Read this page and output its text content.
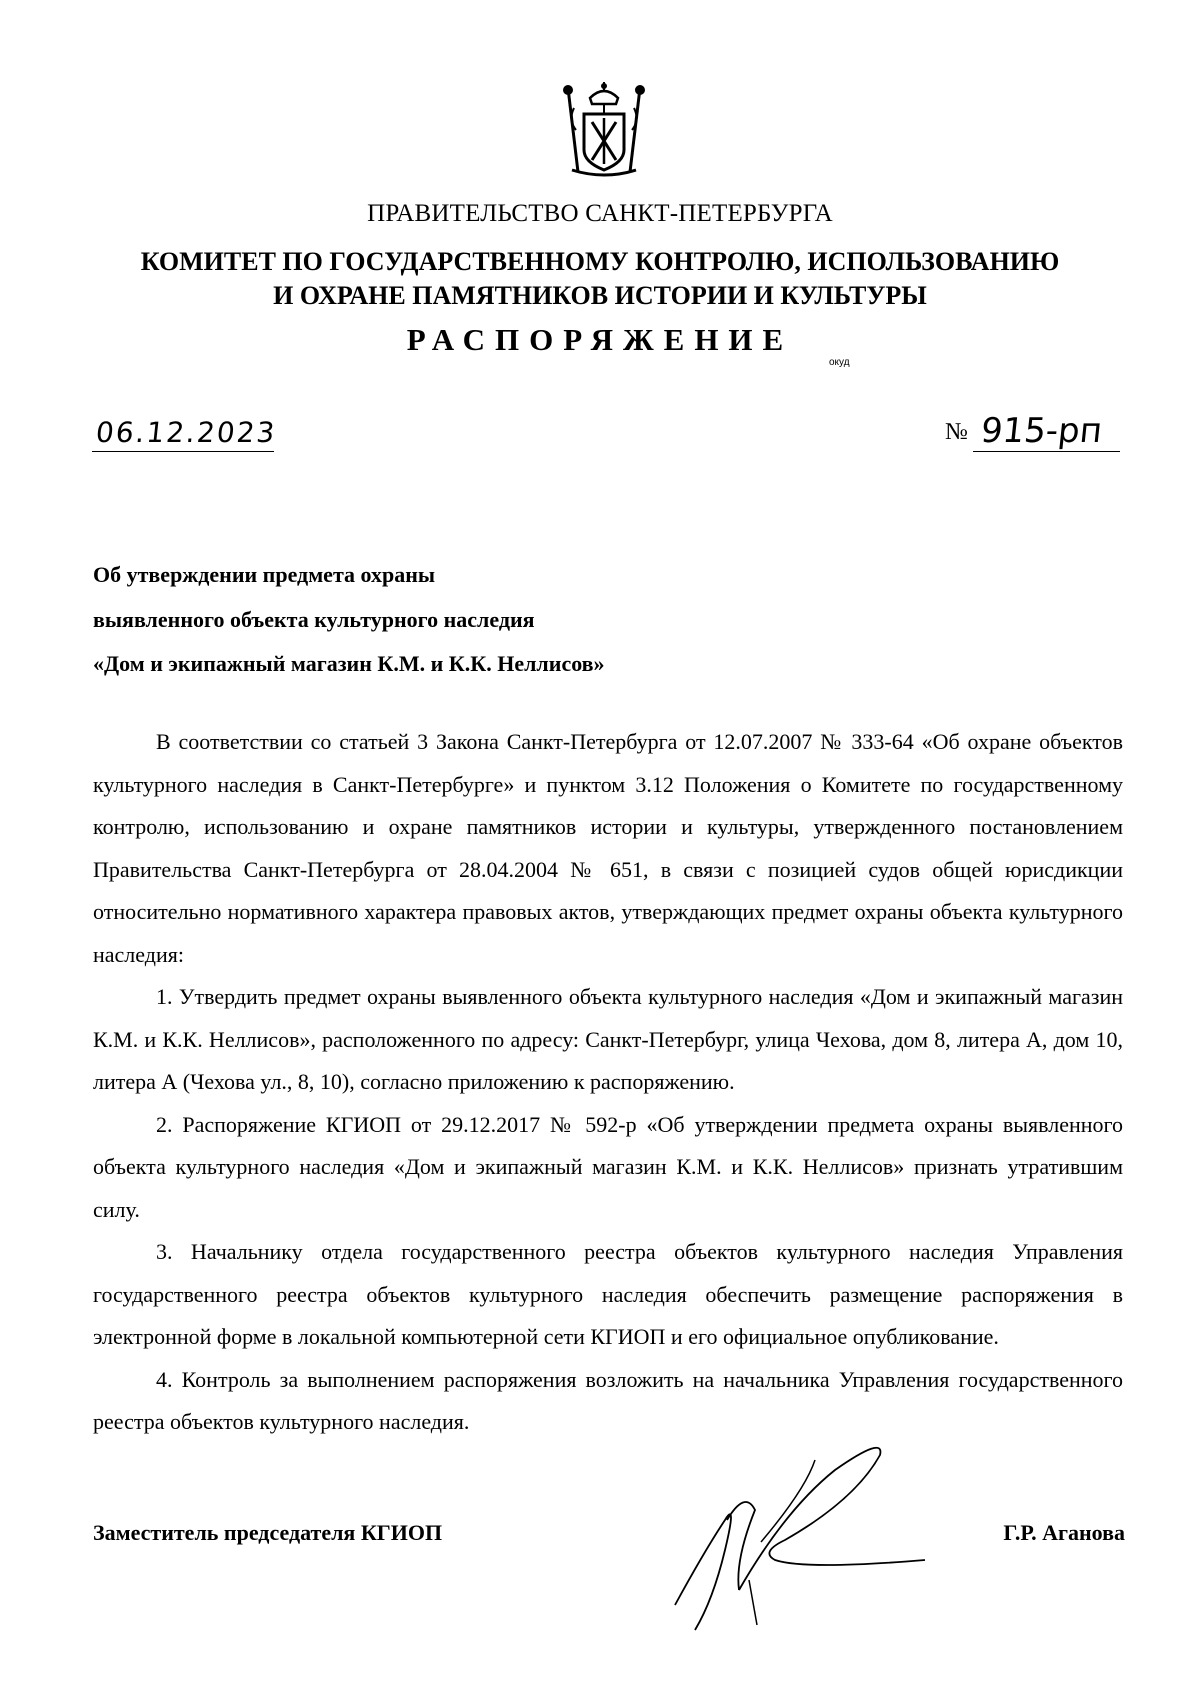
ПРАВИТЕЛЬСТВО САНКТ-ПЕТЕРБУРГА
КОМИТЕТ ПО ГОСУДАРСТВЕННОМУ КОНТРОЛЮ, ИСПОЛЬЗОВАНИЮ
И ОХРАНЕ ПАМЯТНИКОВ ИСТОРИИ И КУЛЬТУРЫ
РАСПОРЯЖЕНИЕ
окуд
06.12.2023	№ 915-рп
Об утверждении предмета охраны
выявленного объекта культурного наследия
«Дом и экипажный магазин К.М. и К.К. Неллисов»

В соответствии со статьей 3 Закона Санкт-Петербурга от 12.07.2007 № 333-64 «Об охране объектов культурного наследия в Санкт-Петербурге» и пунктом 3.12 Положения о Комитете по государственному контролю, использованию и охране памятников истории и культуры, утвержденного постановлением Правительства Санкт-Петербурга от 28.04.2004 № 651, в связи с позицией судов общей юрисдикции относительно нормативного характера правовых актов, утверждающих предмет охраны объекта культурного наследия:

1. Утвердить предмет охраны выявленного объекта культурного наследия «Дом и экипажный магазин К.М. и К.К. Неллисов», расположенного по адресу: Санкт-Петербург, улица Чехова, дом 8, литера А, дом 10, литера А (Чехова ул., 8, 10), согласно приложению к распоряжению.

2. Распоряжение КГИОП от 29.12.2017 № 592-р «Об утверждении предмета охраны выявленного объекта культурного наследия «Дом и экипажный магазин К.М. и К.К. Неллисов» признать утратившим силу.

3. Начальнику отдела государственного реестра объектов культурного наследия Управления государственного реестра объектов культурного наследия обеспечить размещение распоряжения в электронной форме в локальной компьютерной сети КГИОП и его официальное опубликование.

4. Контроль за выполнением распоряжения возложить на начальника Управления государственного реестра объектов культурного наследия.

Заместитель председателя КГИОП	Г.Р. Аганова
